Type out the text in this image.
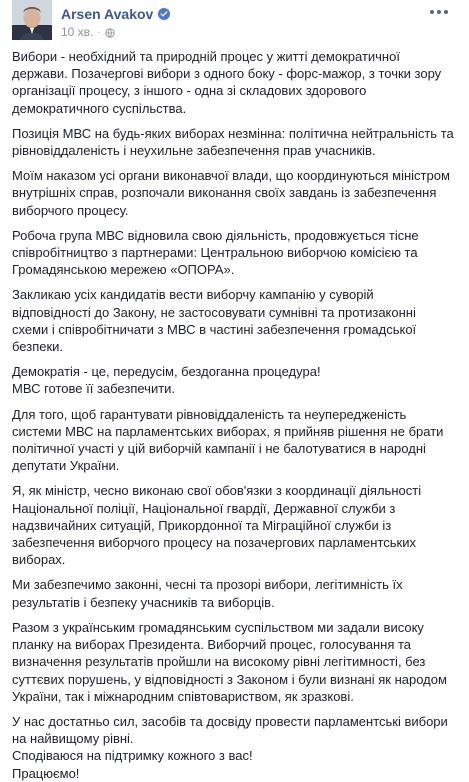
Arsen Avakov
10 хв. ·

Вибори - необхідний та природній процес у житті демократичної
держави. Позачергові вибори з одного боку - форс-мажор, з точки зору
організації процесу, з іншого - одна зі складових здорового
демократичного суспільства.

Позиція МВС на будь-яких виборах незмінна: політична нейтральність та
рівновіддаленість і неухильне забезпечення прав учасників.

Моїм наказом усі органи виконавчої влади, що координуються міністром
внутрішніх справ, розпочали виконання своїх завдань із забезпечення
виборчого процесу.

Робоча група МВС відновила свою діяльність, продовжується тісне
співробітництво з партнерами: Центральною виборчою комісією та
Громадянською мережею «ОПОРА».

Закликаю усіх кандидатів вести виборчу кампанію у суворій
відповідності до Закону, не застосовувати сумнівні та протизаконні
схеми і співробітничати з МВС в частині забезпечення громадської
безпеки.

Демократія - це, передусім, бездоганна процедура!
МВС готове її забезпечити.

Для того, щоб гарантувати рівновіддаленість та неупередженість
системи МВС на парламентських виборах, я прийняв рішення не брати
політичної участі у цій виборчій кампанії і не балотуватися в народні
депутати України.

Я, як міністр, чесно виконаю свої обов'язки з координації діяльності
Національної поліції, Національної гвардії, Державної служби з
надзвичайних ситуацій, Прикордонної та Міграційної служби із
забезпечення виборчого процесу на позачергових парламентських
виборах.

Ми забезпечимо законні, чесні та прозорі вибори, легітимність їх
результатів і безпеку учасників та виборців.

Разом з українським громадянським суспільством ми задали високу
планку на виборах Президента. Виборчий процес, голосування та
визначення результатів пройшли на високому рівні легітимності, без
суттєвих порушень, у відповідності з Законом і були визнані як народом
України, так і міжнародним співтовариством, як зразкові.

У нас достатньо сил, засобів та досвіду провести парламентські вибори
на найвищому рівні.
Сподіваюся на підтримку кожного з вас!
Працюємо!
